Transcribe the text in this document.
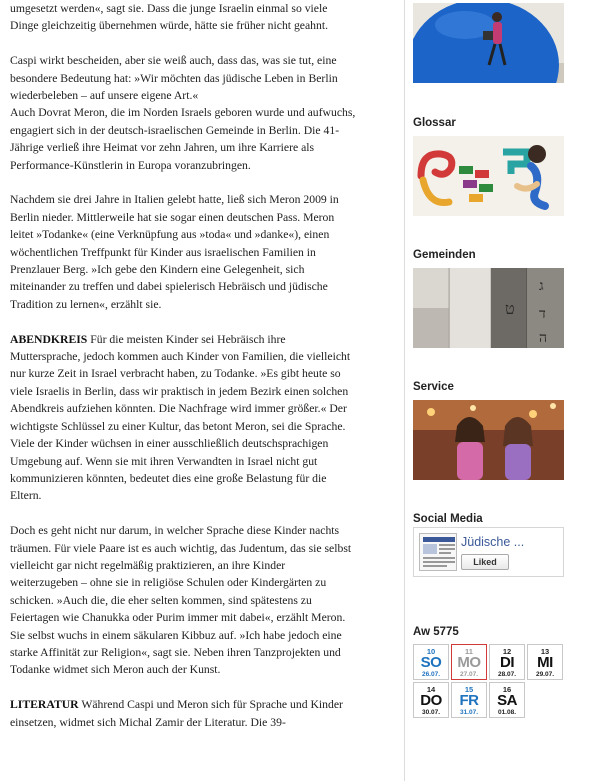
umgesetzt werden«, sagt sie. Dass die junge Israelin einmal so viele Dinge gleichzeitig übernehmen würde, hätte sie früher nicht geahnt.

Caspi wirkt bescheiden, aber sie weiß auch, dass das, was sie tut, eine besondere Bedeutung hat: »Wir möchten das jüdische Leben in Berlin wiederbeleben – auf unsere eigene Art.«

Auch Dovrat Meron, die im Norden Israels geboren wurde und aufwuchs, engagiert sich in der deutsch-israelischen Gemeinde in Berlin. Die 41-Jährige verließ ihre Heimat vor zehn Jahren, um ihre Karriere als Performance-Künstlerin in Europa voranzubringen.

Nachdem sie drei Jahre in Italien gelebt hatte, ließ sich Meron 2009 in Berlin nieder. Mittlerweile hat sie sogar einen deutschen Pass. Meron leitet »Todanke« (eine Verknüpfung aus »toda« und »danke«), einen wöchentlichen Treffpunkt für Kinder aus israelischen Familien in Prenzlauer Berg. »Ich gebe den Kindern eine Gelegenheit, sich miteinander zu treffen und dabei spielerisch Hebräisch und jüdische Tradition zu lernen«, erzählt sie.

ABENDKREIS Für die meisten Kinder sei Hebräisch ihre Muttersprache, jedoch kommen auch Kinder von Familien, die vielleicht nur kurze Zeit in Israel verbracht haben, zu Todanke. »Es gibt heute so viele Israelis in Berlin, dass wir praktisch in jedem Bezirk einen solchen Abendkreis aufziehen könnten. Die Nachfrage wird immer größer.« Der wichtigste Schlüssel zu einer Kultur, das betont Meron, sei die Sprache. Viele der Kinder wüchsen in einer ausschließlich deutschsprachigen Umgebung auf. Wenn sie mit ihren Verwandten in Israel nicht gut kommunizieren könnten, bedeutet dies eine große Belastung für die Eltern.

Doch es geht nicht nur darum, in welcher Sprache diese Kinder nachts träumen. Für viele Paare ist es auch wichtig, das Judentum, das sie selbst vielleicht gar nicht regelmäßig praktizieren, an ihre Kinder weiterzugeben – ohne sie in religiöse Schulen oder Kindergärten zu schicken. »Auch die, die eher selten kommen, sind spätestens zu Feiertagen wie Chanukka oder Purim immer mit dabei«, erzählt Meron. Sie selbst wuchs in einem säkularen Kibbuz auf. »Ich habe jedoch eine starke Affinität zur Religion«, sagt sie. Neben ihren Tanzprojekten und Todanke widmet sich Meron auch der Kunst.

LITERATUR Während Caspi und Meron sich für Sprache und Kinder einsetzen, widmet sich Michal Zamir der Literatur. Die 39-

Glossar
Gemeinden
ט
ג
ד
ה
Service
Social Media
Jüdische ...
Liked
Aw 5775
10
SO
26.07.
11
MO
27.07.
12
DI
28.07.
13
MI
29.07.
14
DO
30.07.
15
FR
31.07.
16
SA
01.08.
